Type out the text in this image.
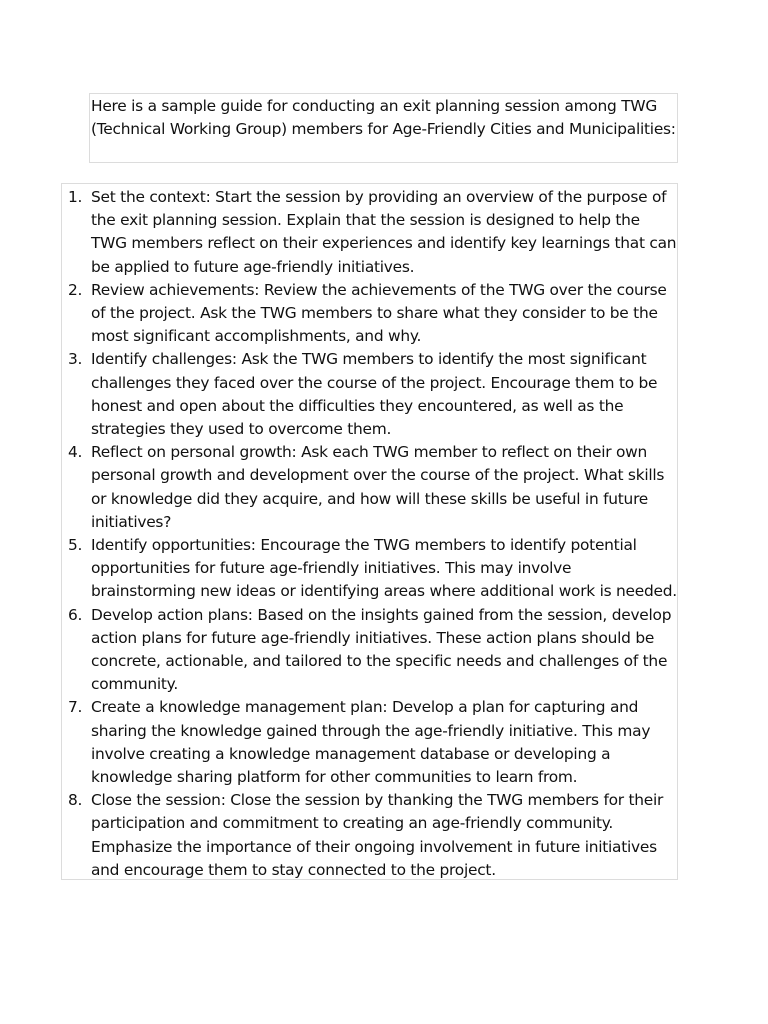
Here is a sample guide for conducting an exit planning session among TWG (Technical Working Group) members for Age-Friendly Cities and Municipalities:
1. Set the context: Start the session by providing an overview of the purpose of the exit planning session. Explain that the session is designed to help the TWG members reflect on their experiences and identify key learnings that can be applied to future age-friendly initiatives.
2. Review achievements: Review the achievements of the TWG over the course of the project. Ask the TWG members to share what they consider to be the most significant accomplishments, and why.
3. Identify challenges: Ask the TWG members to identify the most significant challenges they faced over the course of the project. Encourage them to be honest and open about the difficulties they encountered, as well as the strategies they used to overcome them.
4. Reflect on personal growth: Ask each TWG member to reflect on their own personal growth and development over the course of the project. What skills or knowledge did they acquire, and how will these skills be useful in future initiatives?
5. Identify opportunities: Encourage the TWG members to identify potential opportunities for future age-friendly initiatives. This may involve brainstorming new ideas or identifying areas where additional work is needed.
6. Develop action plans: Based on the insights gained from the session, develop action plans for future age-friendly initiatives. These action plans should be concrete, actionable, and tailored to the specific needs and challenges of the community.
7. Create a knowledge management plan: Develop a plan for capturing and sharing the knowledge gained through the age-friendly initiative. This may involve creating a knowledge management database or developing a knowledge sharing platform for other communities to learn from.
8. Close the session: Close the session by thanking the TWG members for their participation and commitment to creating an age-friendly community. Emphasize the importance of their ongoing involvement in future initiatives and encourage them to stay connected to the project.
